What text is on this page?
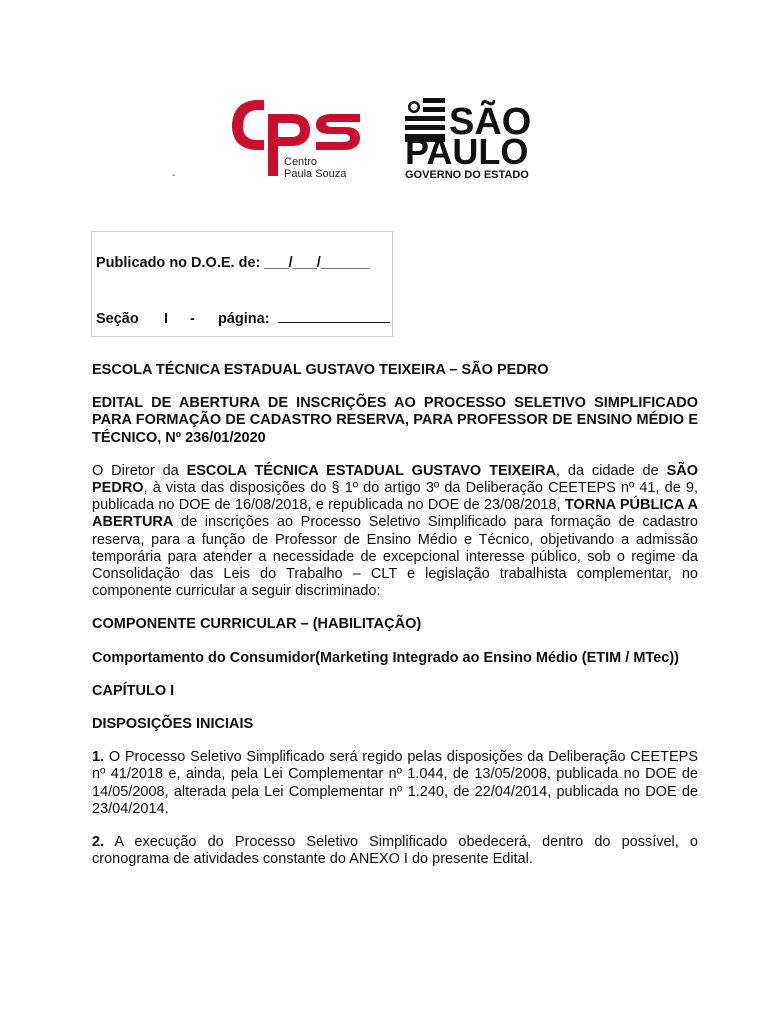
Centro
Paula Souza
SÃO
PAULO
GOVERNO DO ESTADO
-
Publicado no D.O.E. de: ___/___/______
Seção	I	-	página:

ESCOLA TÉCNICA ESTADUAL GUSTAVO TEIXEIRA – SÃO PEDRO

EDITAL DE ABERTURA DE INSCRIÇÕES AO PROCESSO SELETIVO SIMPLIFICADO PARA FORMAÇÃO DE CADASTRO RESERVA, PARA PROFESSOR DE ENSINO MÉDIO E TÉCNICO, Nº 236/01/2020

O Diretor da ESCOLA TÉCNICA ESTADUAL GUSTAVO TEIXEIRA, da cidade de SÃO PEDRO, à vista das disposições do § 1º do artigo 3º da Deliberação CEETEPS nº 41, de 9, publicada no DOE de 16/08/2018, e republicada no DOE de 23/08/2018, TORNA PÚBLICA A ABERTURA de inscrições ao Processo Seletivo Simplificado para formação de cadastro reserva, para a função de Professor de Ensino Médio e Técnico, objetivando a admissão temporária para atender a necessidade de excepcional interesse público, sob o regime da Consolidação das Leis do Trabalho – CLT e legislação trabalhista complementar, no componente curricular a seguir discriminado:

COMPONENTE CURRICULAR – (HABILITAÇÃO)

Comportamento do Consumidor(Marketing Integrado ao Ensino Médio (ETIM / MTec))

CAPÍTULO I

DISPOSIÇÕES INICIAIS

1. O Processo Seletivo Simplificado será regido pelas disposições da Deliberação CEETEPS nº 41/2018 e, ainda, pela Lei Complementar nº 1.044, de 13/05/2008, publicada no DOE de 14/05/2008, alterada pela Lei Complementar nº 1.240, de 22/04/2014, publicada no DOE de 23/04/2014.

2. A execução do Processo Seletivo Simplificado obedecerá, dentro do possível, o cronograma de atividades constante do ANEXO I do presente Edital.
